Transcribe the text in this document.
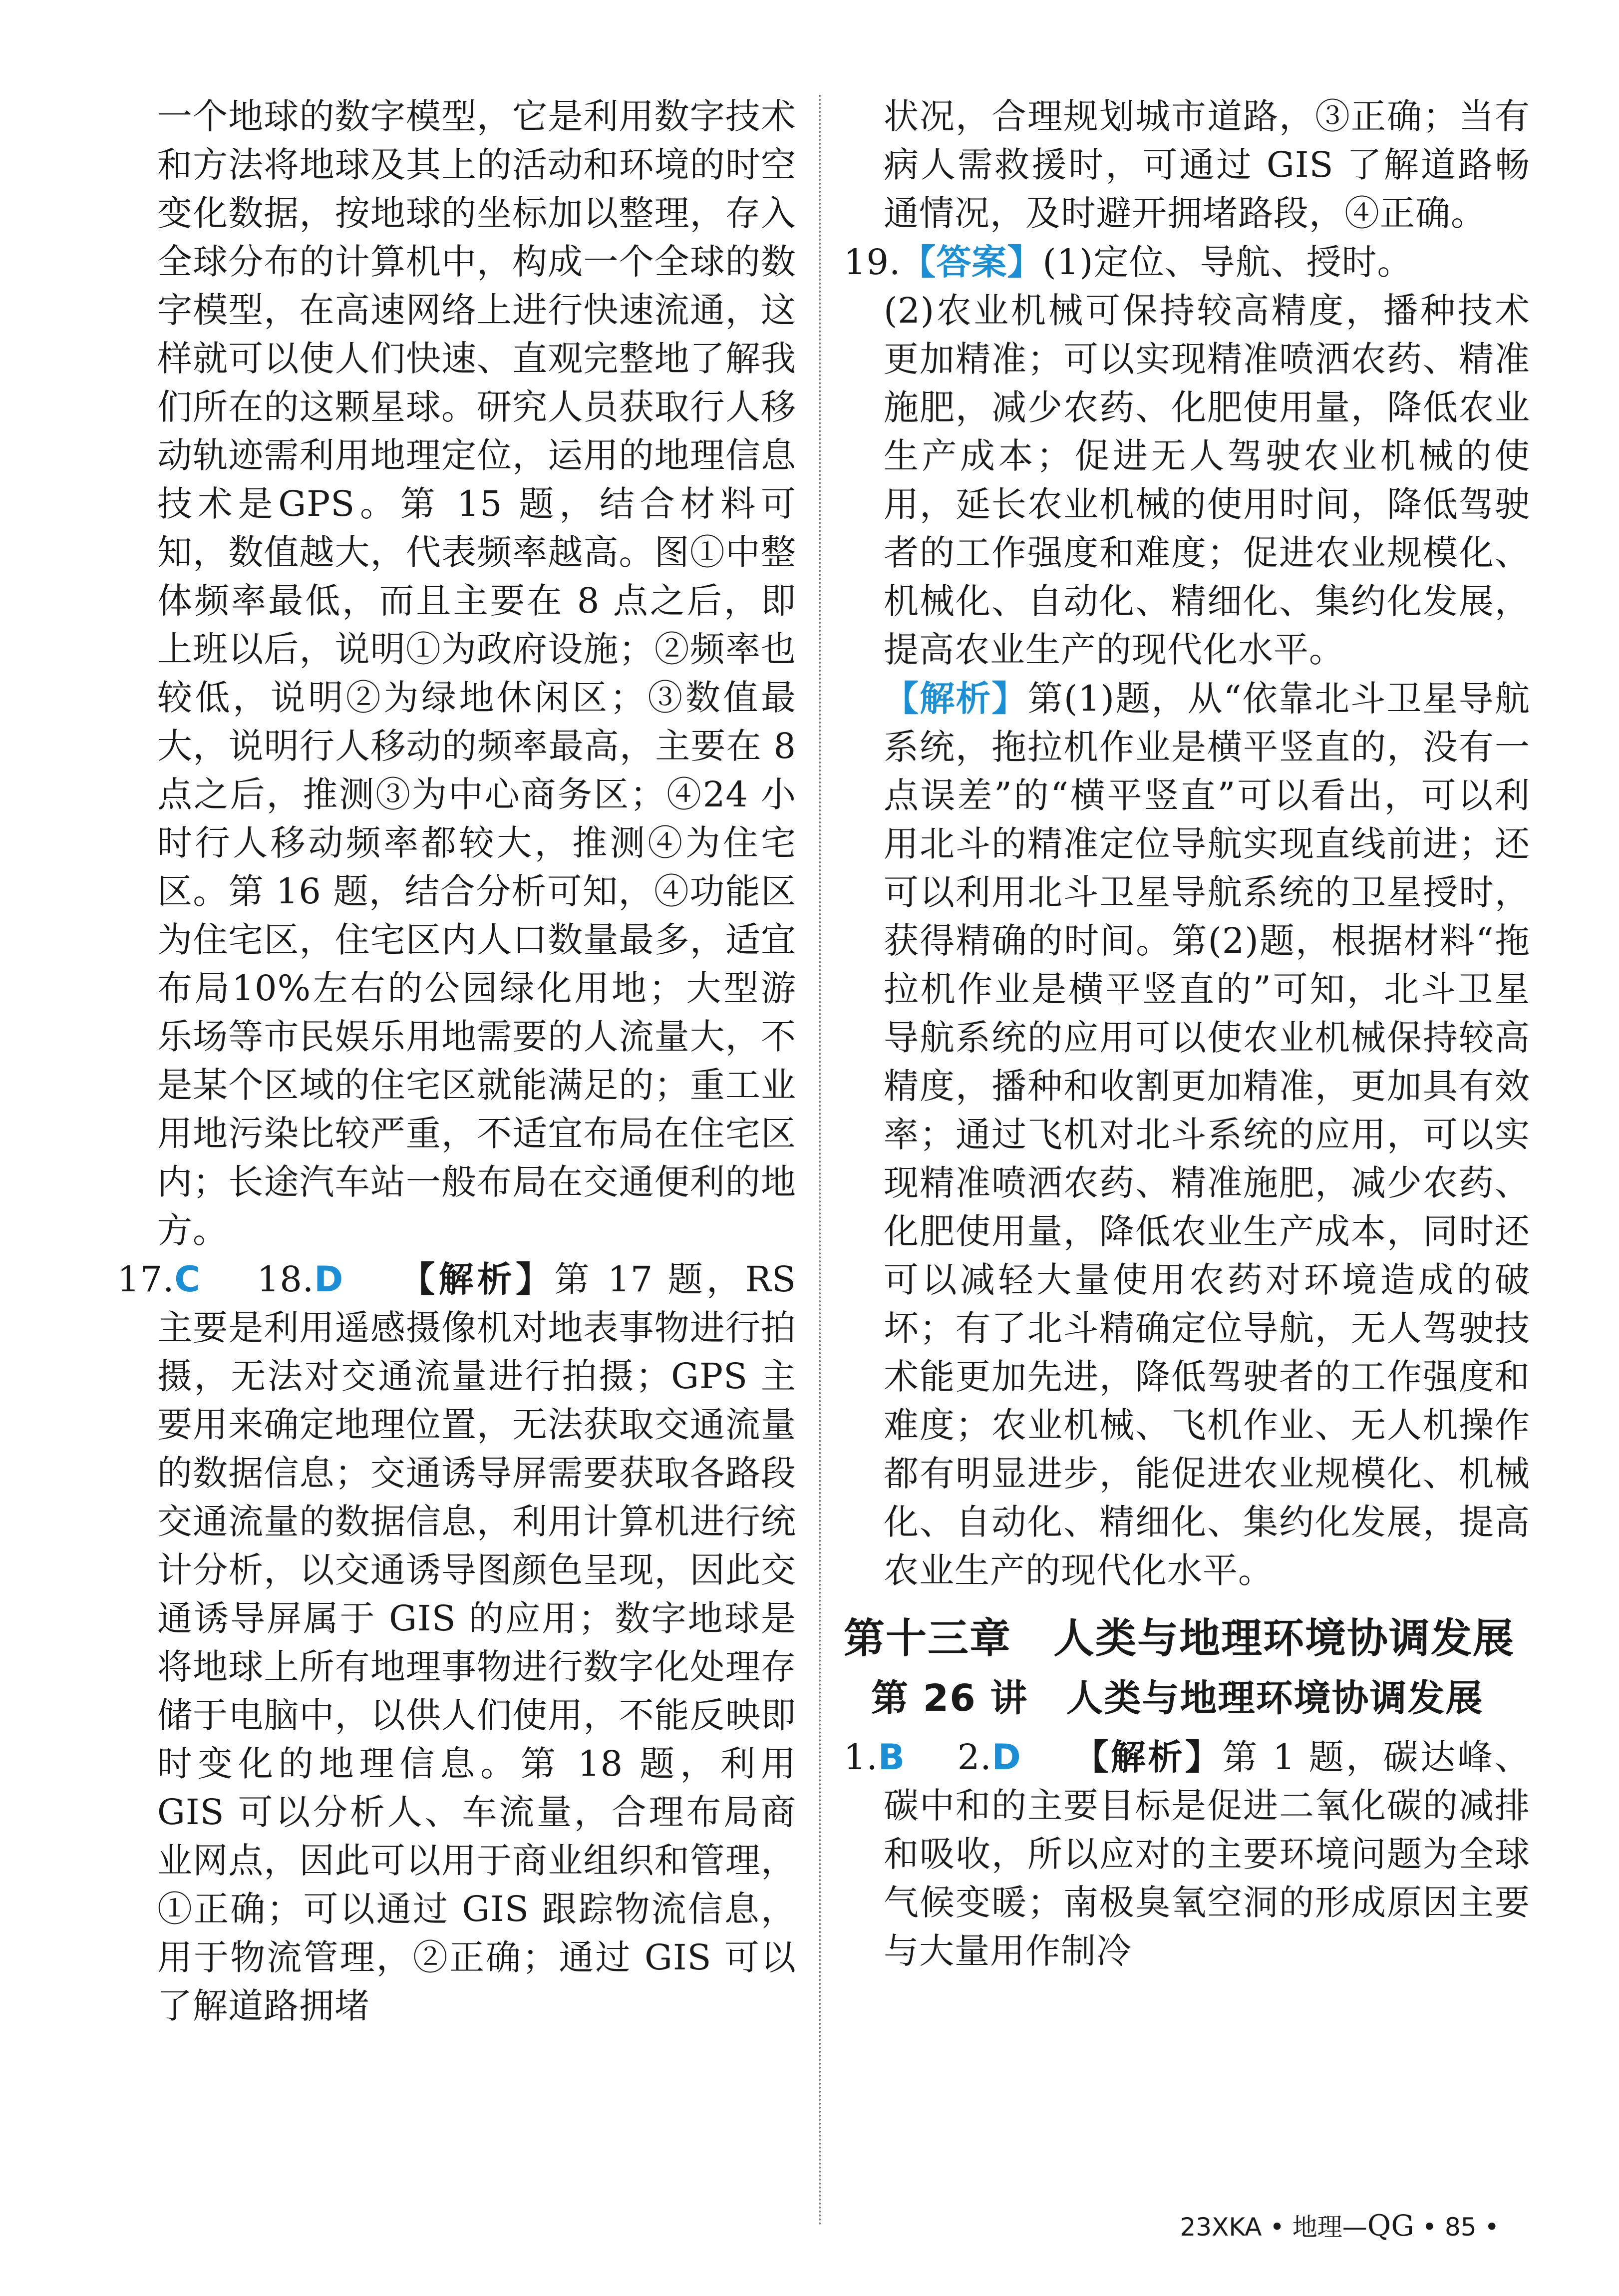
一个地球的数字模型，它是利用数字技术和方法将地球及其上的活动和环境的时空变化数据，按地球的坐标加以整理，存入全球分布的计算机中，构成一个全球的数字模型，在高速网络上进行快速流通，这样就可以使人们快速、直观完整地了解我们所在的这颗星球。研究人员获取行人移动轨迹需利用地理定位，运用的地理信息技术是GPS。第 15 题，结合材料可知，数值越大，代表频率越高。图①中整体频率最低，而且主要在 8 点之后，即上班以后，说明①为政府设施；②频率也较低，说明②为绿地休闲区；③数值最大，说明行人移动的频率最高，主要在 8 点之后，推测③为中心商务区；④24 小时行人移动频率都较大，推测④为住宅区。第 16 题，结合分析可知，④功能区为住宅区，住宅区内人口数量最多，适宜布局10%左右的公园绿化用地；大型游乐场等市民娱乐用地需要的人流量大，不是某个区域的住宅区就能满足的；重工业用地污染比较严重，不适宜布局在住宅区内；长途汽车站一般布局在交通便利的地方。

17.C　 18.D　 【解析】第 17 题，RS 主要是利用遥感摄像机对地表事物进行拍摄，无法对交通流量进行拍摄；GPS 主要用来确定地理位置，无法获取交通流量的数据信息；交通诱导屏需要获取各路段交通流量的数据信息，利用计算机进行统计分析，以交通诱导图颜色呈现，因此交通诱导屏属于 GIS 的应用；数字地球是将地球上所有地理事物进行数字化处理存储于电脑中，以供人们使用，不能反映即时变化的地理信息。第 18 题，利用 GIS 可以分析人、车流量，合理布局商业网点，因此可以用于商业组织和管理，①正确；可以通过 GIS 跟踪物流信息，用于物流管理，②正确；通过 GIS 可以了解道路拥堵

状况，合理规划城市道路，③正确；当有病人需救援时，可通过 GIS 了解道路畅通情况，及时避开拥堵路段，④正确。

19.【答案】(1)定位、导航、授时。

(2)农业机械可保持较高精度，播种技术更加精准；可以实现精准喷洒农药、精准施肥，减少农药、化肥使用量，降低农业生产成本；促进无人驾驶农业机械的使用，延长农业机械的使用时间，降低驾驶者的工作强度和难度；促进农业规模化、机械化、自动化、精细化、集约化发展，提高农业生产的现代化水平。

【解析】第(1)题，从“依靠北斗卫星导航系统，拖拉机作业是横平竖直的，没有一点误差”的“横平竖直”可以看出，可以利用北斗的精准定位导航实现直线前进；还可以利用北斗卫星导航系统的卫星授时，获得精确的时间。第(2)题，根据材料“拖拉机作业是横平竖直的”可知，北斗卫星导航系统的应用可以使农业机械保持较高精度，播种和收割更加精准，更加具有效率；通过飞机对北斗系统的应用，可以实现精准喷洒农药、精准施肥，减少农药、化肥使用量，降低农业生产成本，同时还可以减轻大量使用农药对环境造成的破坏；有了北斗精确定位导航，无人驾驶技术能更加先进，降低驾驶者的工作强度和难度；农业机械、飞机作业、无人机操作都有明显进步，能促进农业规模化、机械化、自动化、精细化、集约化发展，提高农业生产的现代化水平。

第十三章　人类与地理环境协调发展
第 26 讲　人类与地理环境协调发展

1.B　 2.D　 【解析】第 1 题，碳达峰、碳中和的主要目标是促进二氧化碳的减排和吸收，所以应对的主要环境问题为全球气候变暖；南极臭氧空洞的形成原因主要与大量用作制冷

23XKA • 地理—QG • 85 •
